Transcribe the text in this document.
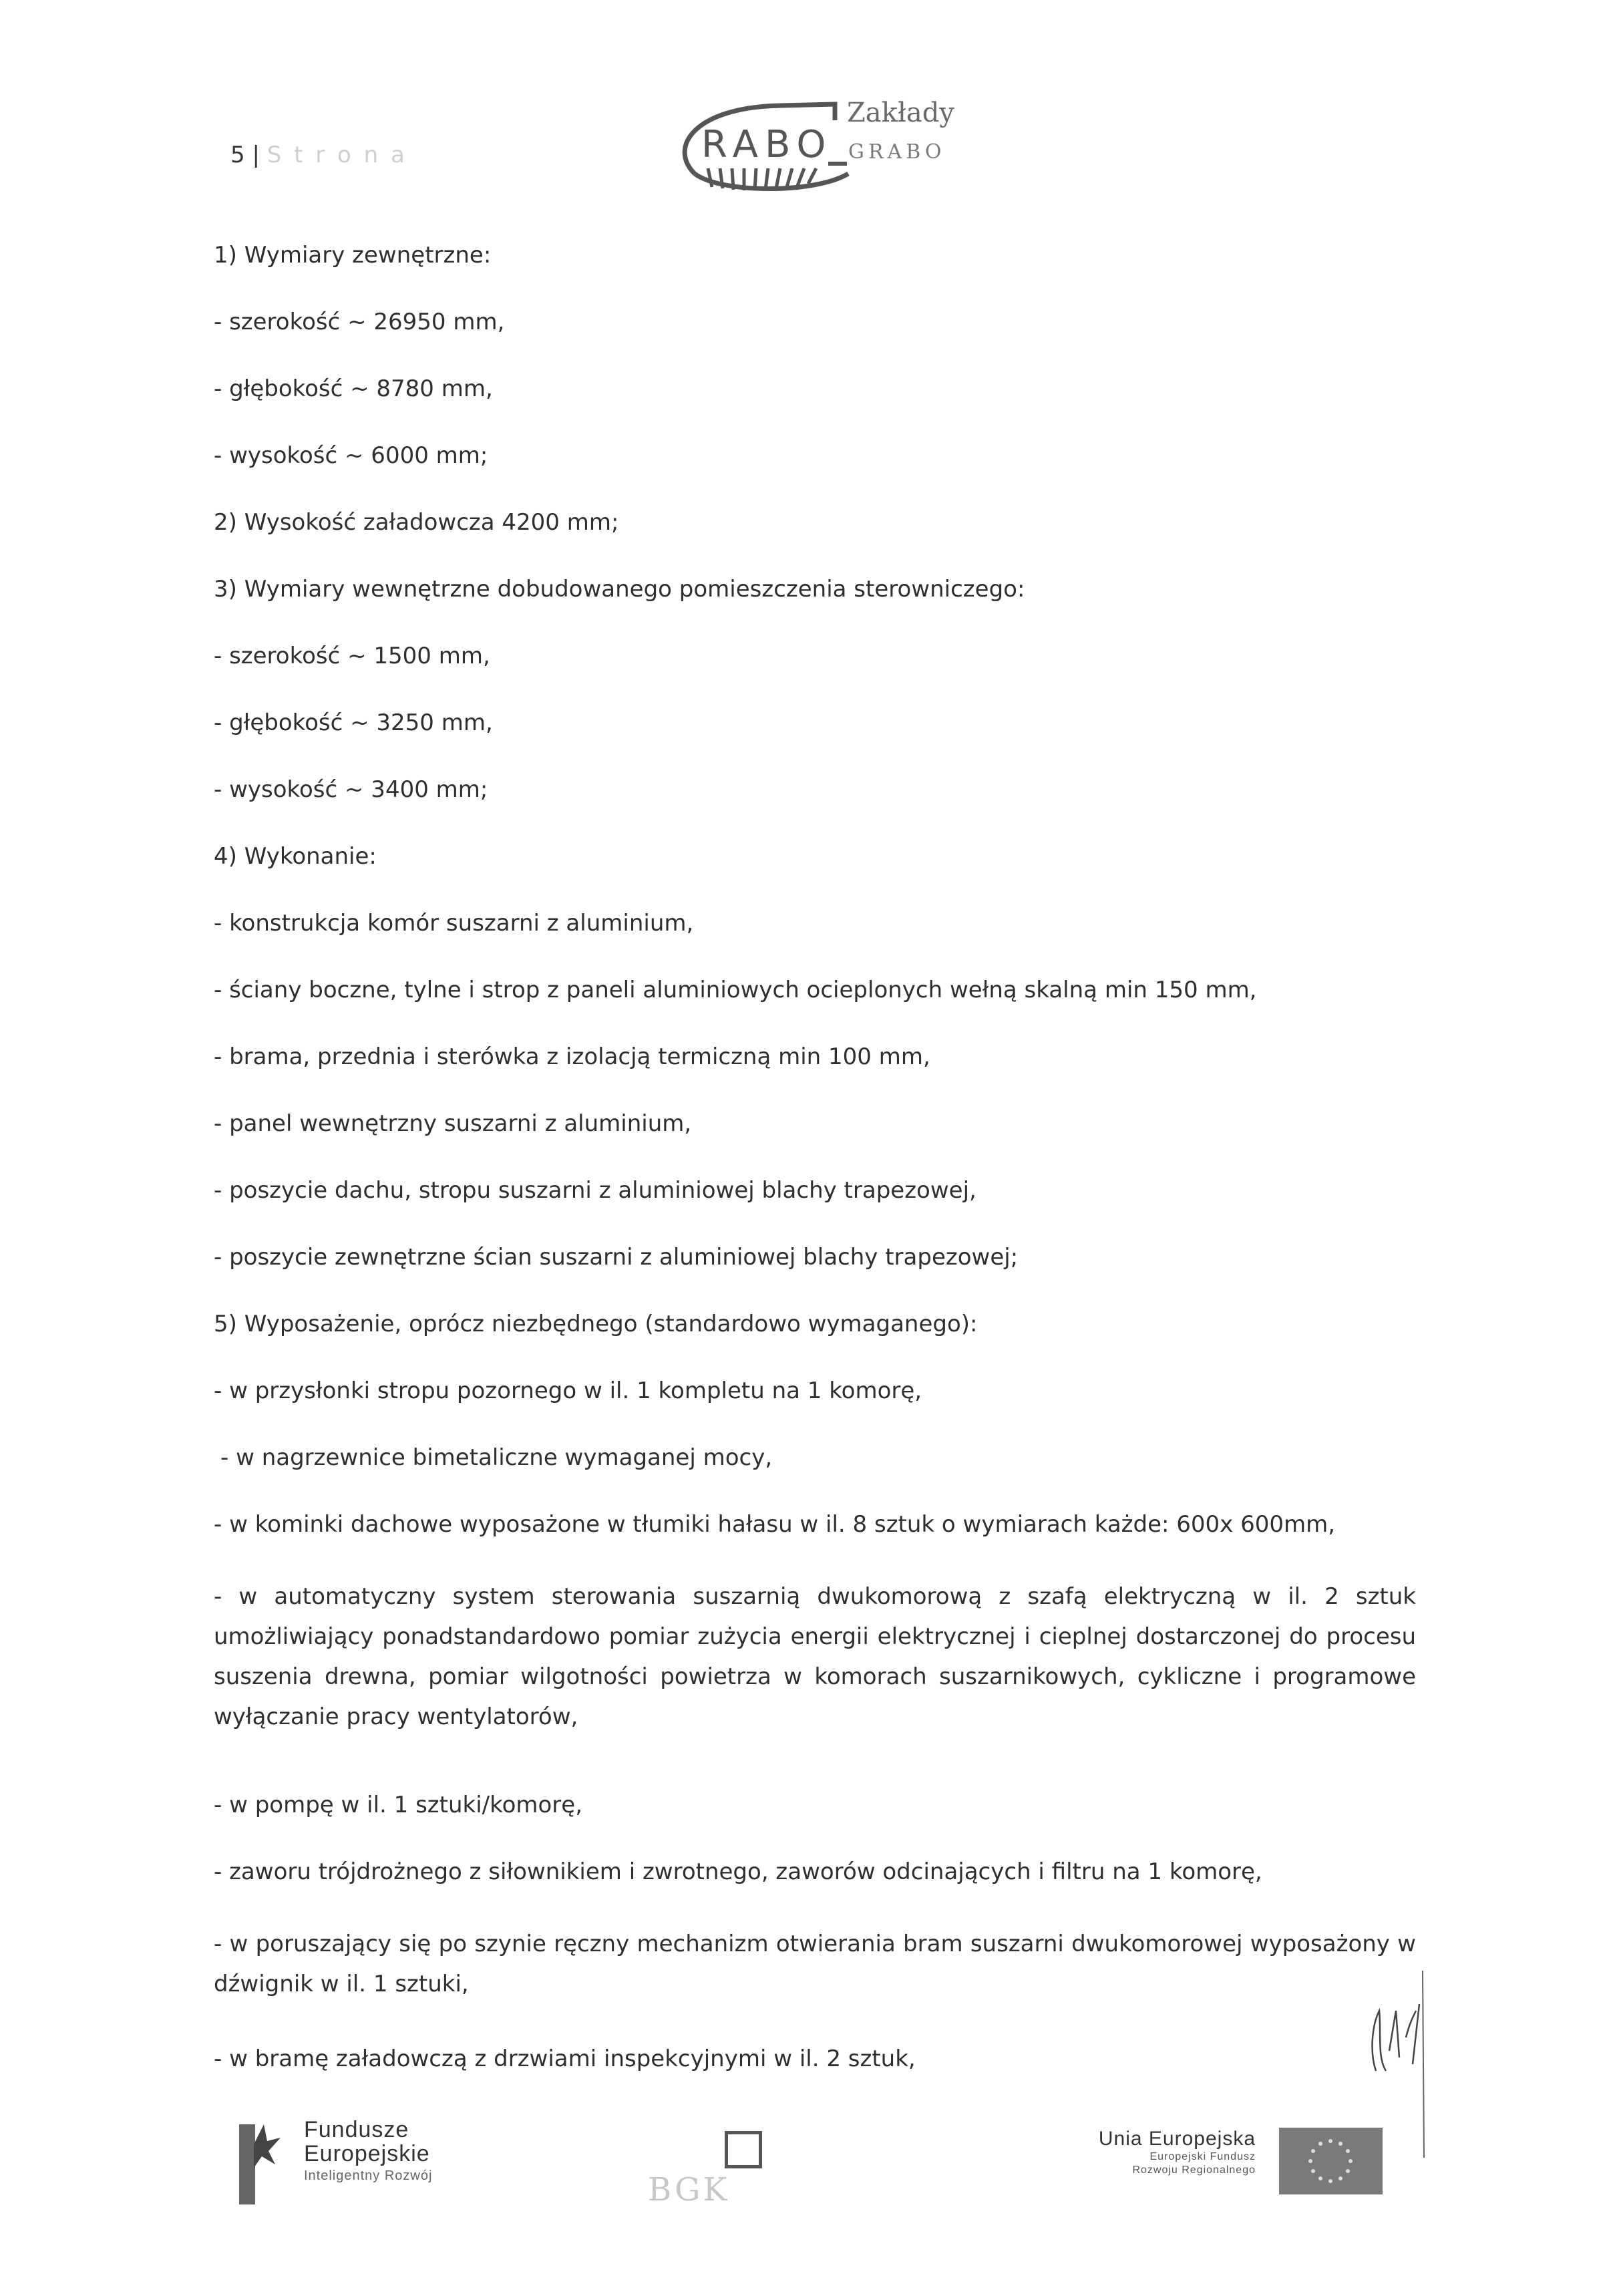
5 | S t r o n a	RABO
Zakłady
GRABO
1) Wymiary zewnętrzne:
- szerokość ~ 26950 mm,
- głębokość ~ 8780 mm,
- wysokość ~ 6000 mm;
2) Wysokość załadowcza 4200 mm;
3) Wymiary wewnętrzne dobudowanego pomieszczenia sterowniczego:
- szerokość ~ 1500 mm,
- głębokość ~ 3250 mm,
- wysokość ~ 3400 mm;
4) Wykonanie:
- konstrukcja komór suszarni z aluminium,
- ściany boczne, tylne i strop z paneli aluminiowych ocieplonych wełną skalną min 150 mm,
- brama, przednia i sterówka z izolacją termiczną min 100 mm,
- panel wewnętrzny suszarni z aluminium,
- poszycie dachu, stropu suszarni z aluminiowej blachy trapezowej,
- poszycie zewnętrzne ścian suszarni z aluminiowej blachy trapezowej;
5) Wyposażenie, oprócz niezbędnego (standardowo wymaganego):
- w przysłonki stropu pozornego w il. 1 kompletu na 1 komorę,
- w nagrzewnice bimetaliczne wymaganej mocy,
- w kominki dachowe wyposażone w tłumiki hałasu w il. 8 sztuk o wymiarach każde: 600x 600mm,
- w automatyczny system sterowania suszarnią dwukomorową z szafą elektryczną w il. 2 sztuk umożliwiający ponadstandardowo pomiar zużycia energii elektrycznej i cieplnej dostarczonej do procesu suszenia drewna, pomiar wilgotności powietrza w komorach suszarnikowych, cykliczne i programowe wyłączanie pracy wentylatorów,
- w pompę w il. 1 sztuki/komorę,
- zaworu trójdrożnego z siłownikiem i zwrotnego, zaworów odcinających i filtru na 1 komorę,
- w poruszający się po szynie ręczny mechanizm otwierania bram suszarni dwukomorowej wyposażony w dźwignik w il. 1 sztuki,
- w bramę załadowczą z drzwiami inspekcyjnymi w il. 2 sztuk,
Fundusze
Europejskie
Inteligentny Rozwój	BGK
Unia Europejska
Europejski Fundusz
Rozwoju Regionalnego
